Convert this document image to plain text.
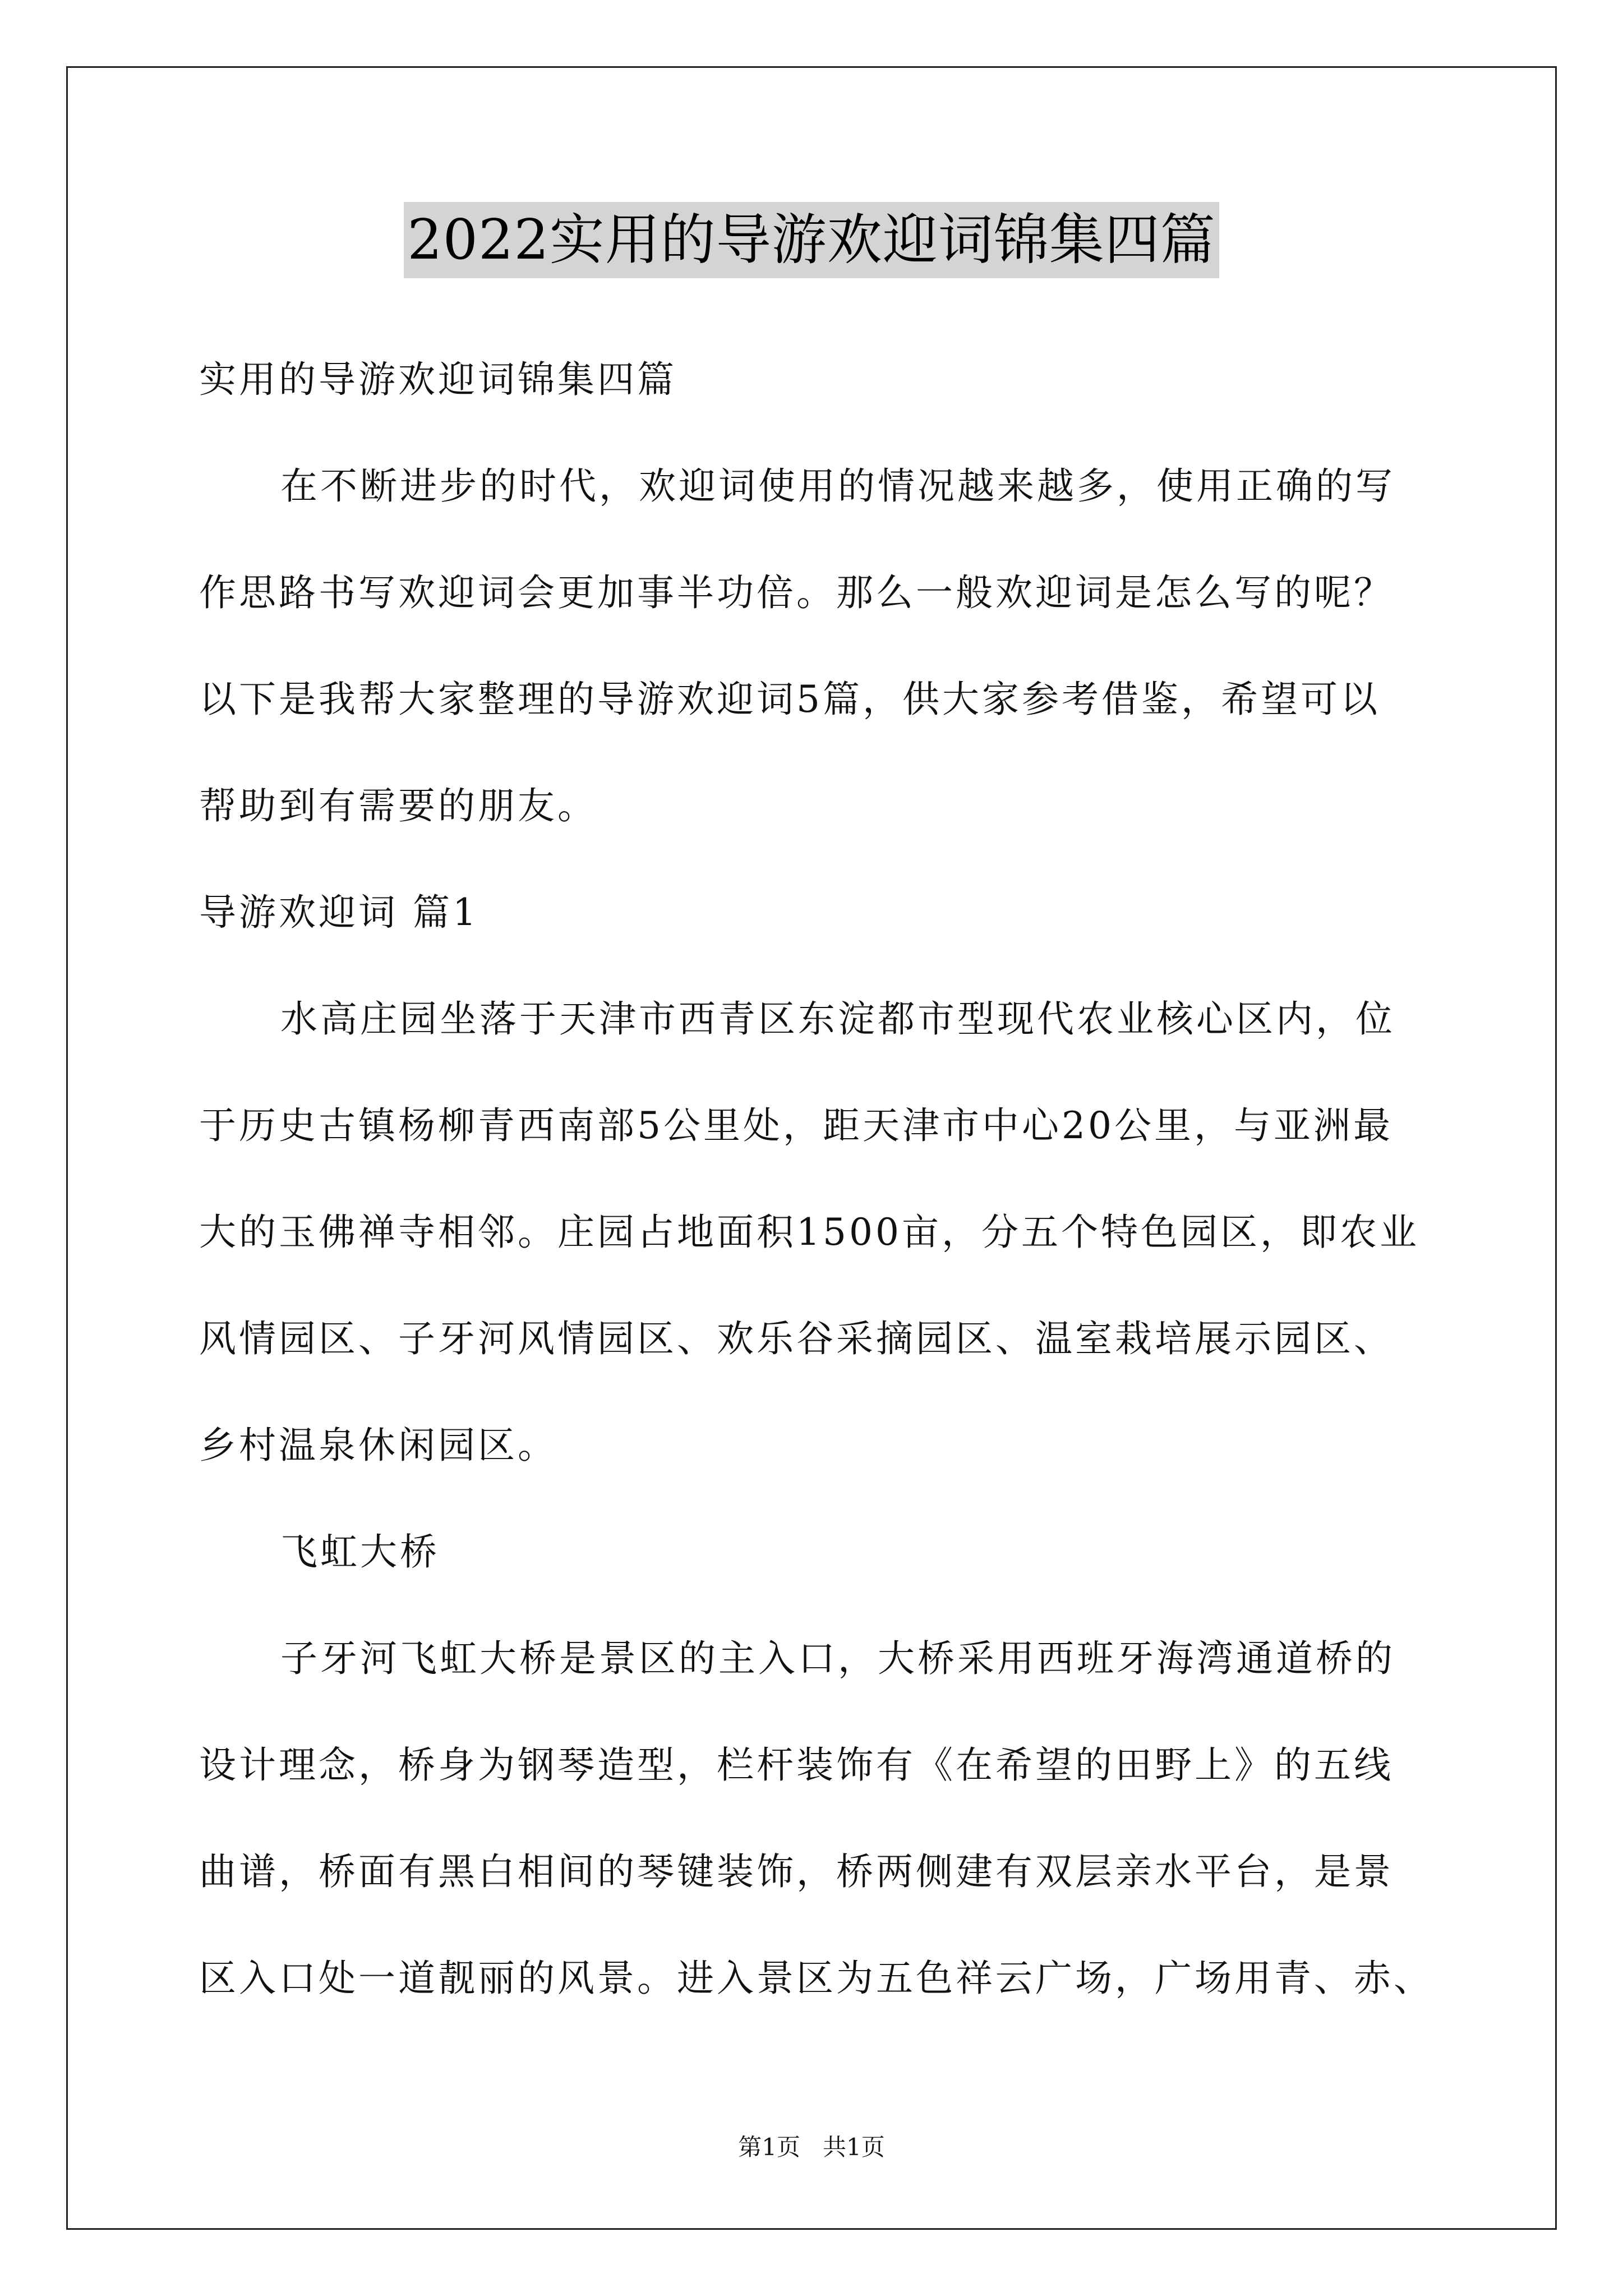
2022实用的导游欢迎词锦集四篇
实用的导游欢迎词锦集四篇
在不断进步的时代，欢迎词使用的情况越来越多，使用正确的写
作思路书写欢迎词会更加事半功倍。那么一般欢迎词是怎么写的呢？
以下是我帮大家整理的导游欢迎词5篇，供大家参考借鉴，希望可以
帮助到有需要的朋友。
导游欢迎词 篇1
水高庄园坐落于天津市西青区东淀都市型现代农业核心区内，位
于历史古镇杨柳青西南部5公里处，距天津市中心20公里，与亚洲最
大的玉佛禅寺相邻。庄园占地面积1500亩，分五个特色园区，即农业
风情园区、子牙河风情园区、欢乐谷采摘园区、温室栽培展示园区、
乡村温泉休闲园区。
飞虹大桥
子牙河飞虹大桥是景区的主入口，大桥采用西班牙海湾通道桥的
设计理念，桥身为钢琴造型，栏杆装饰有《在希望的田野上》的五线
曲谱，桥面有黑白相间的琴键装饰，桥两侧建有双层亲水平台，是景
区入口处一道靓丽的风景。进入景区为五色祥云广场，广场用青、赤、
第1页   共1页
